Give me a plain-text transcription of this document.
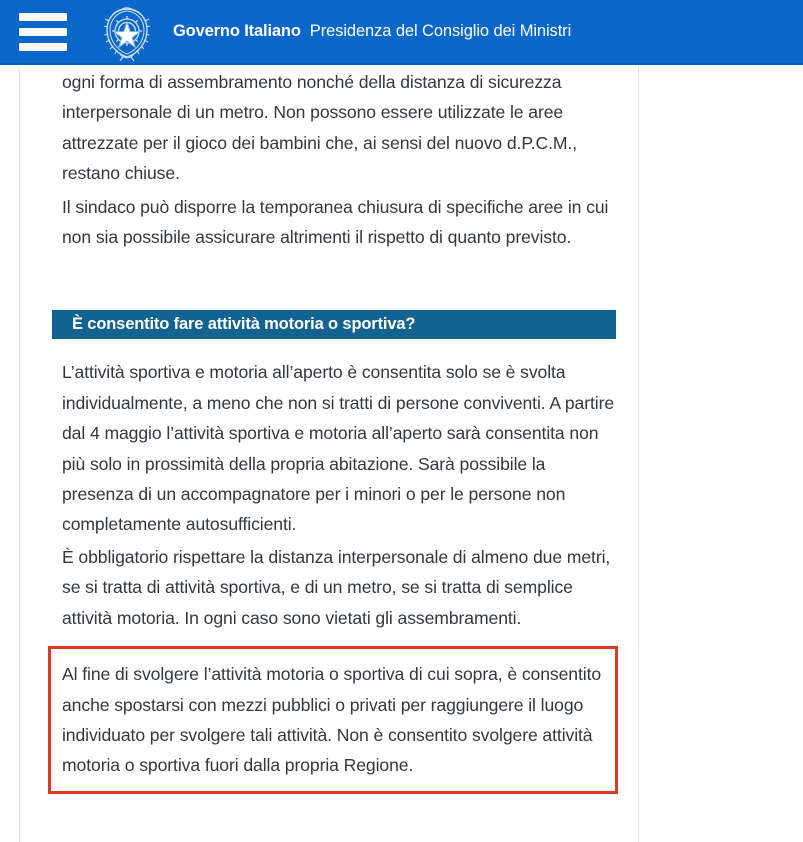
Governo Italiano Presidenza del Consiglio dei Ministri

ogni forma di assembramento nonché della distanza di sicurezza interpersonale di un metro. Non possono essere utilizzate le aree attrezzate per il gioco dei bambini che, ai sensi del nuovo d.P.C.M., restano chiuse.

Il sindaco può disporre la temporanea chiusura di specifiche aree in cui non sia possibile assicurare altrimenti il rispetto di quanto previsto.

È consentito fare attività motoria o sportiva?

L’attività sportiva e motoria all’aperto è consentita solo se è svolta individualmente, a meno che non si tratti di persone conviventi. A partire dal 4 maggio l’attività sportiva e motoria all’aperto sarà consentita non più solo in prossimità della propria abitazione. Sarà possibile la presenza di un accompagnatore per i minori o per le persone non completamente autosufficienti.

È obbligatorio rispettare la distanza interpersonale di almeno due metri, se si tratta di attività sportiva, e di un metro, se si tratta di semplice attività motoria. In ogni caso sono vietati gli assembramenti.

Al fine di svolgere l’attività motoria o sportiva di cui sopra, è consentito anche spostarsi con mezzi pubblici o privati per raggiungere il luogo individuato per svolgere tali attività. Non è consentito svolgere attività motoria o sportiva fuori dalla propria Regione.
